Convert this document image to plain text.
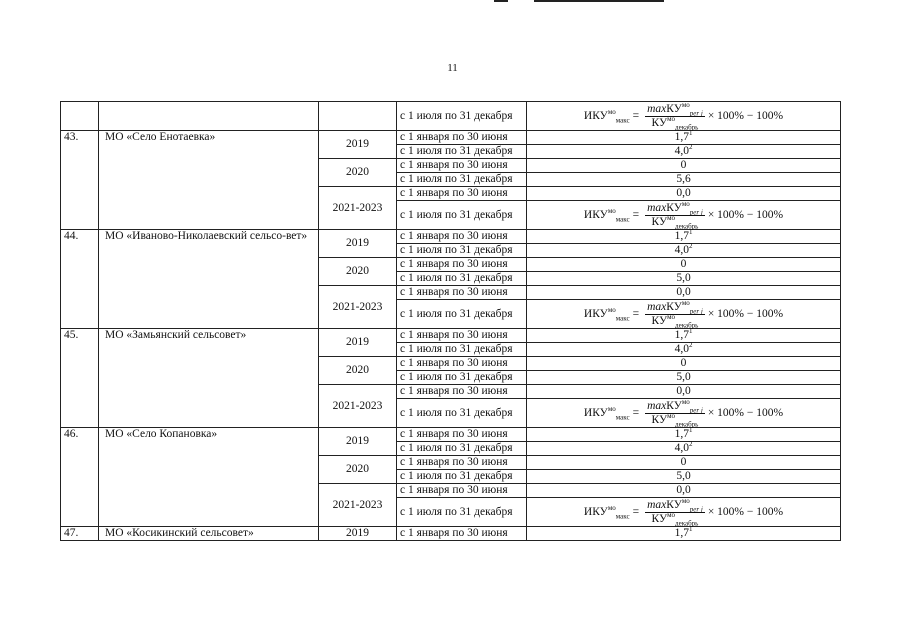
11
			с 1 июля по 31 декабря	$ИКУ^{мо}_{макс} = \frac{\max КУ^{мо}_{per j}}{КУ^{мо}_{декабрь}} \times 100\% - 100\%$

43.	МО «Село Енотаевка»	2019	с 1 января по 30 июня	$1,7^1$
			с 1 июля по 31 декабря	$4,0^2$
		2020	с 1 января по 30 июня	0
			с 1 июля по 31 декабря	5,6
		2021-2023	с 1 января по 30 июня	0,0
			с 1 июля по 31 декабря	$ИКУ^{мо}_{макс} = \frac{\max КУ^{мо}_{per j}}{КУ^{мо}_{декабрь}} \times 100\% - 100\%$

44.	МО «Иваново-Николаевский сельсо-вет»	2019	с 1 января по 30 июня	$1,7^1$
			с 1 июля по 31 декабря	$4,0^2$
		2020	с 1 января по 30 июня	0
			с 1 июля по 31 декабря	5,0
		2021-2023	с 1 января по 30 июня	0,0
			с 1 июля по 31 декабря	$ИКУ^{мо}_{макс} = \frac{\max КУ^{мо}_{per j}}{КУ^{мо}_{декабрь}} \times 100\% - 100\%$

45.	МО «Замьянский сельсовет»	2019	с 1 января по 30 июня	$1,7^1$
			с 1 июля по 31 декабря	$4,0^2$
		2020	с 1 января по 30 июня	0
			с 1 июля по 31 декабря	5,0
		2021-2023	с 1 января по 30 июня	0,0
			с 1 июля по 31 декабря	$ИКУ^{мо}_{макс} = \frac{\max КУ^{мо}_{per j}}{КУ^{мо}_{декабрь}} \times 100\% - 100\%$

46.	МО «Село Копановка»	2019	с 1 января по 30 июня	$1,7^1$
			с 1 июля по 31 декабря	$4,0^2$
		2020	с 1 января по 30 июня	0
			с 1 июля по 31 декабря	5,0
		2021-2023	с 1 января по 30 июня	0,0
			с 1 июля по 31 декабря	$ИКУ^{мо}_{макс} = \frac{\max КУ^{мо}_{per j}}{КУ^{мо}_{декабрь}} \times 100\% - 100\%$

47.	МО «Косикинский сельсовет»	2019	с 1 января по 30 июня	$1,7^1$
